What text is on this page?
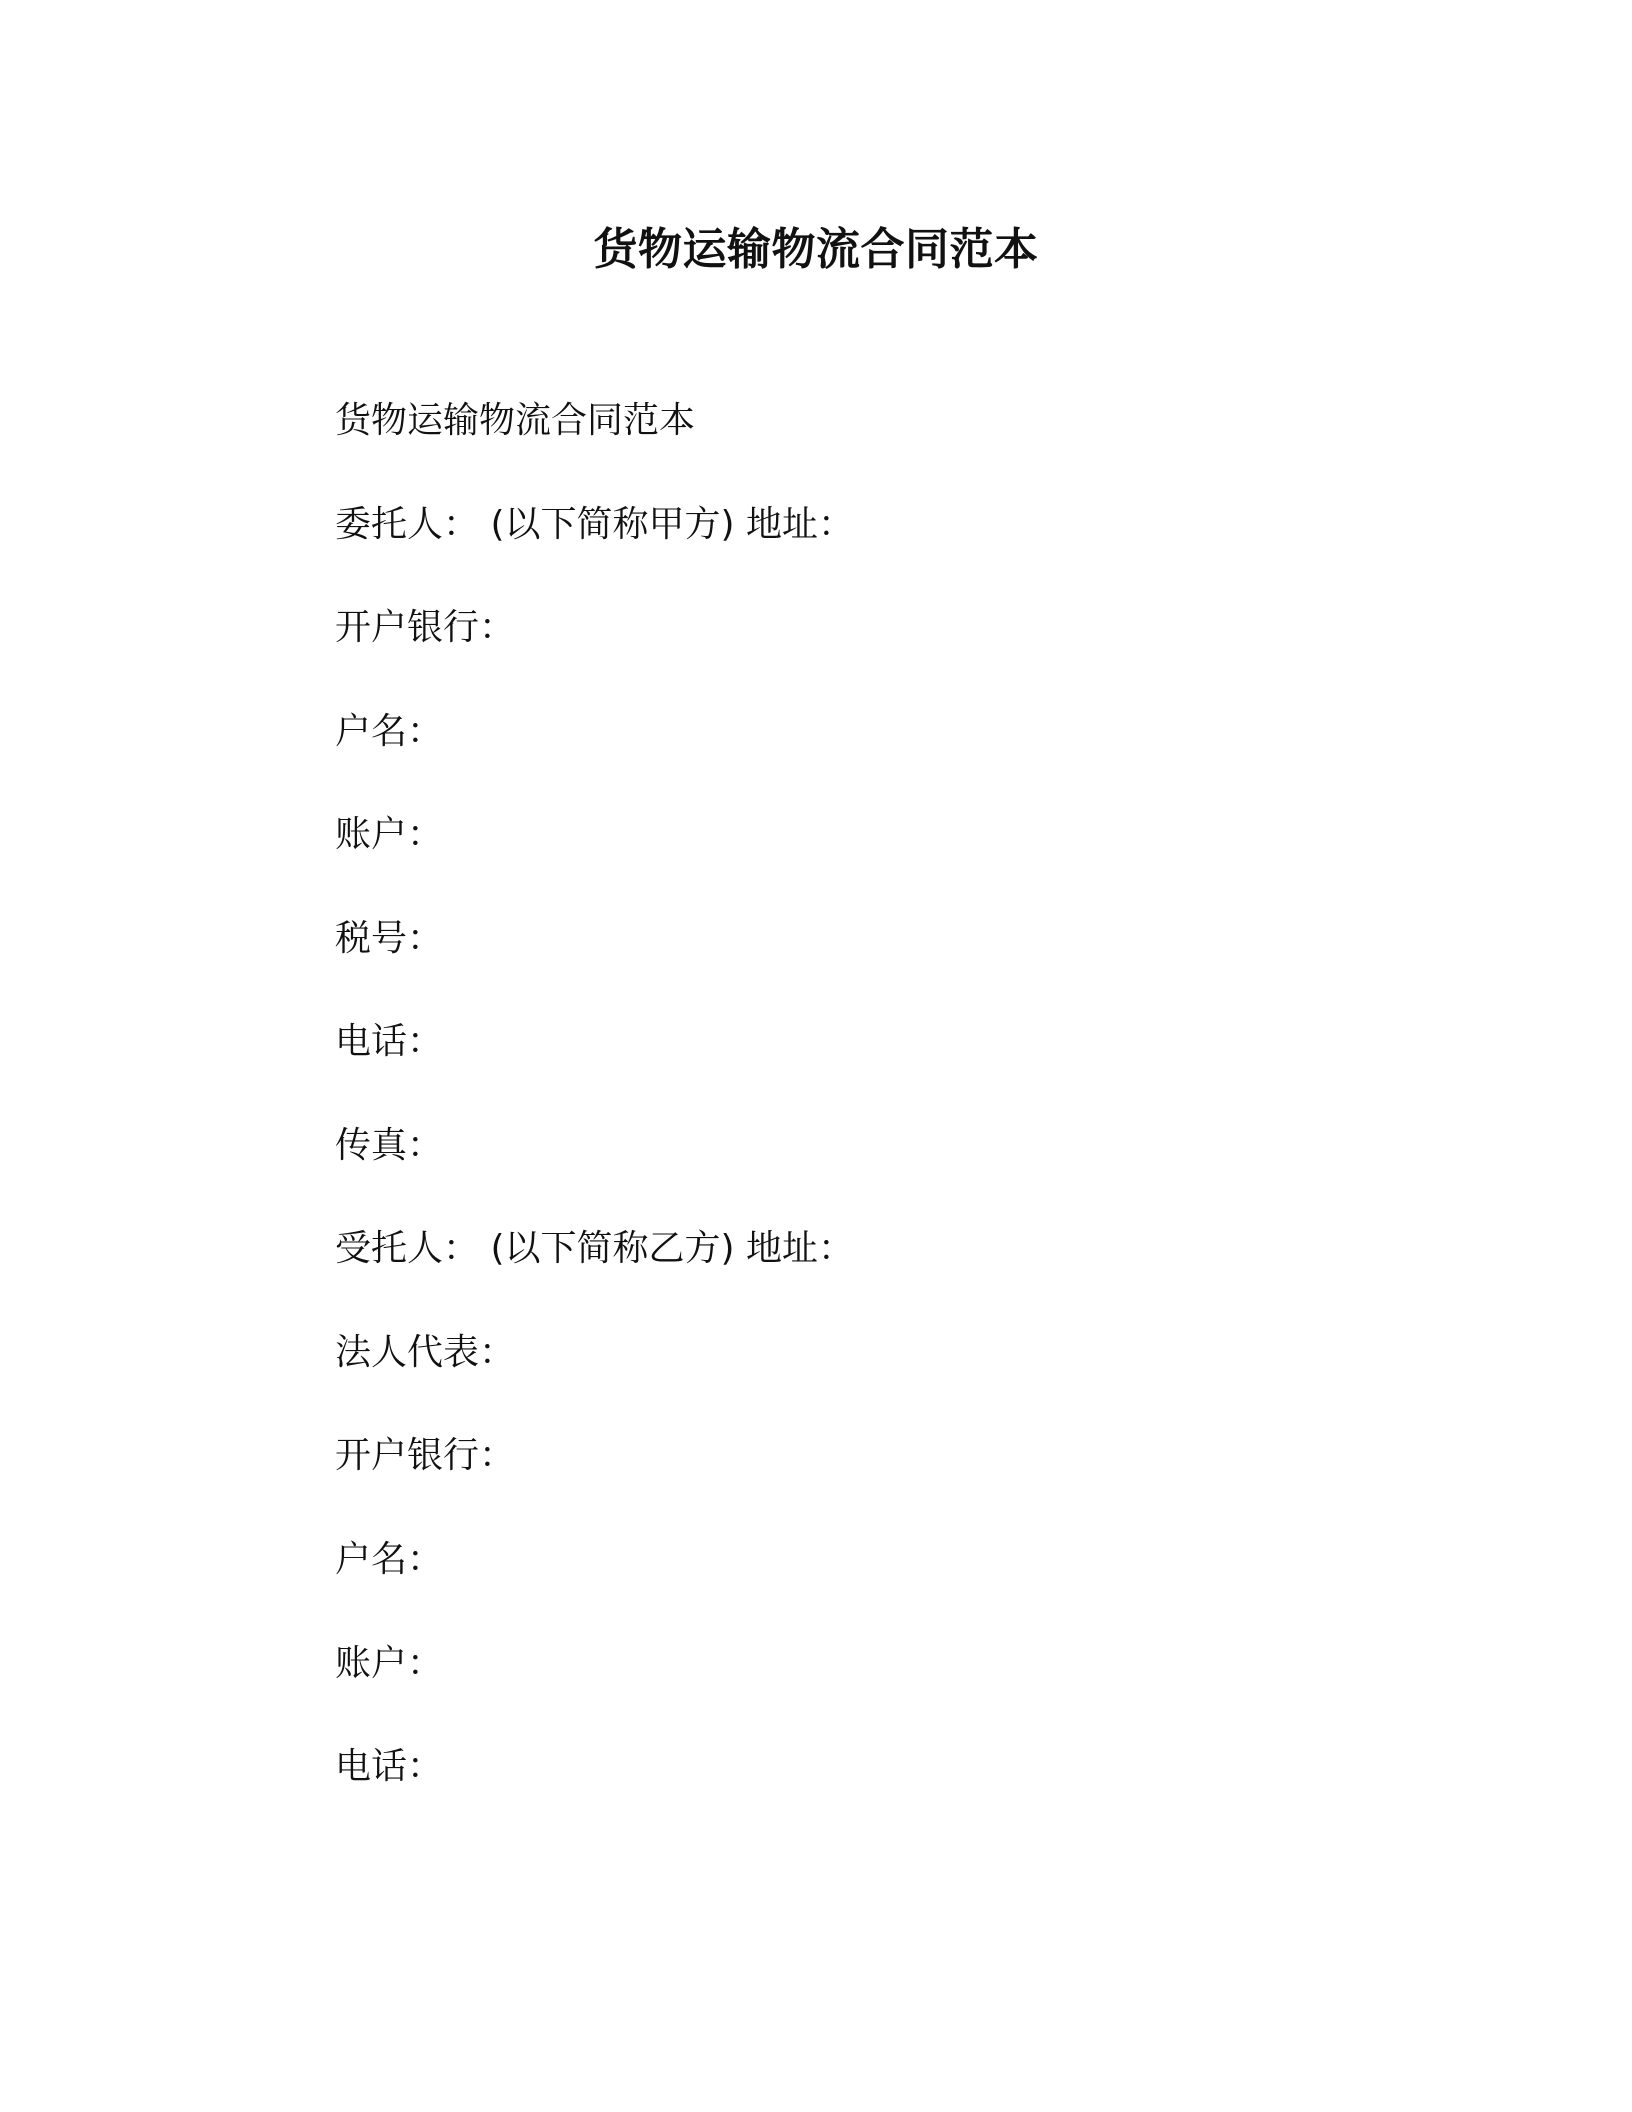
货物运输物流合同范本
货物运输物流合同范本
委托人： (以下简称甲方) 地址：
开户银行：
户名：
账户：
税号：
电话：
传真：
受托人： (以下简称乙方) 地址：
法人代表：
开户银行：
户名：
账户：
电话：
